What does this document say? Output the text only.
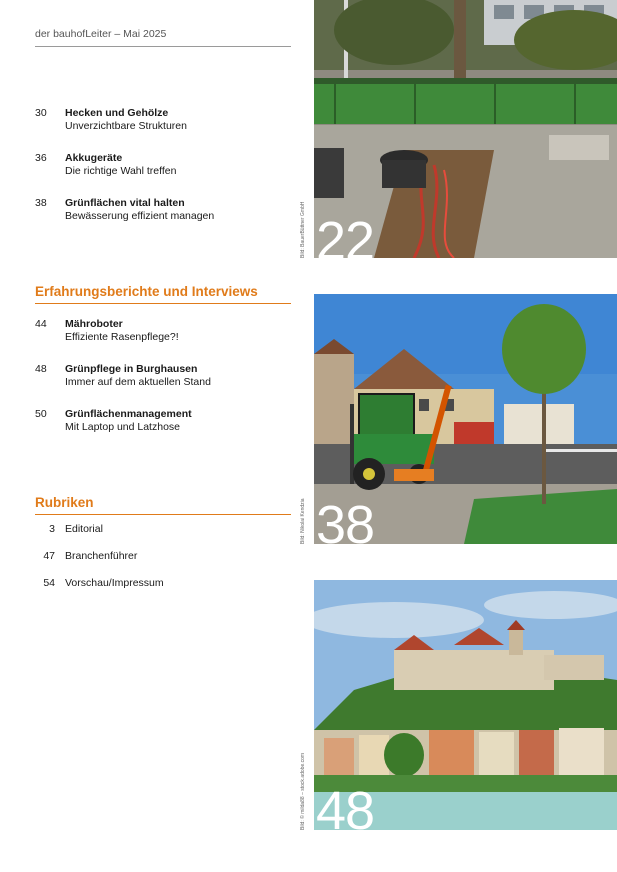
der bauhofLeiter – Mai 2025
30	Hecken und Gehölze
Unverzichtbare Strukturen
36	Akkugeräte
Die richtige Wahl treffen
38	Grünflächen vital halten
Bewässerung effizient managen
Erfahrungsberichte und Interviews
44	Mähroboter
Effiziente Rasenpflege?!
48	Grünpflege in Burghausen
Immer auf dem aktuellen Stand
50	Grünflächenmanagement
Mit Laptop und Latzhose
Rubriken
3 Editorial
47 Branchenführer
54 Vorschau/Impressum
22
Bild: BauerBüttner GmbH
38
Bild: Nikolai Kendzia
48
Bild: © milda88 – stock.adobe.com
